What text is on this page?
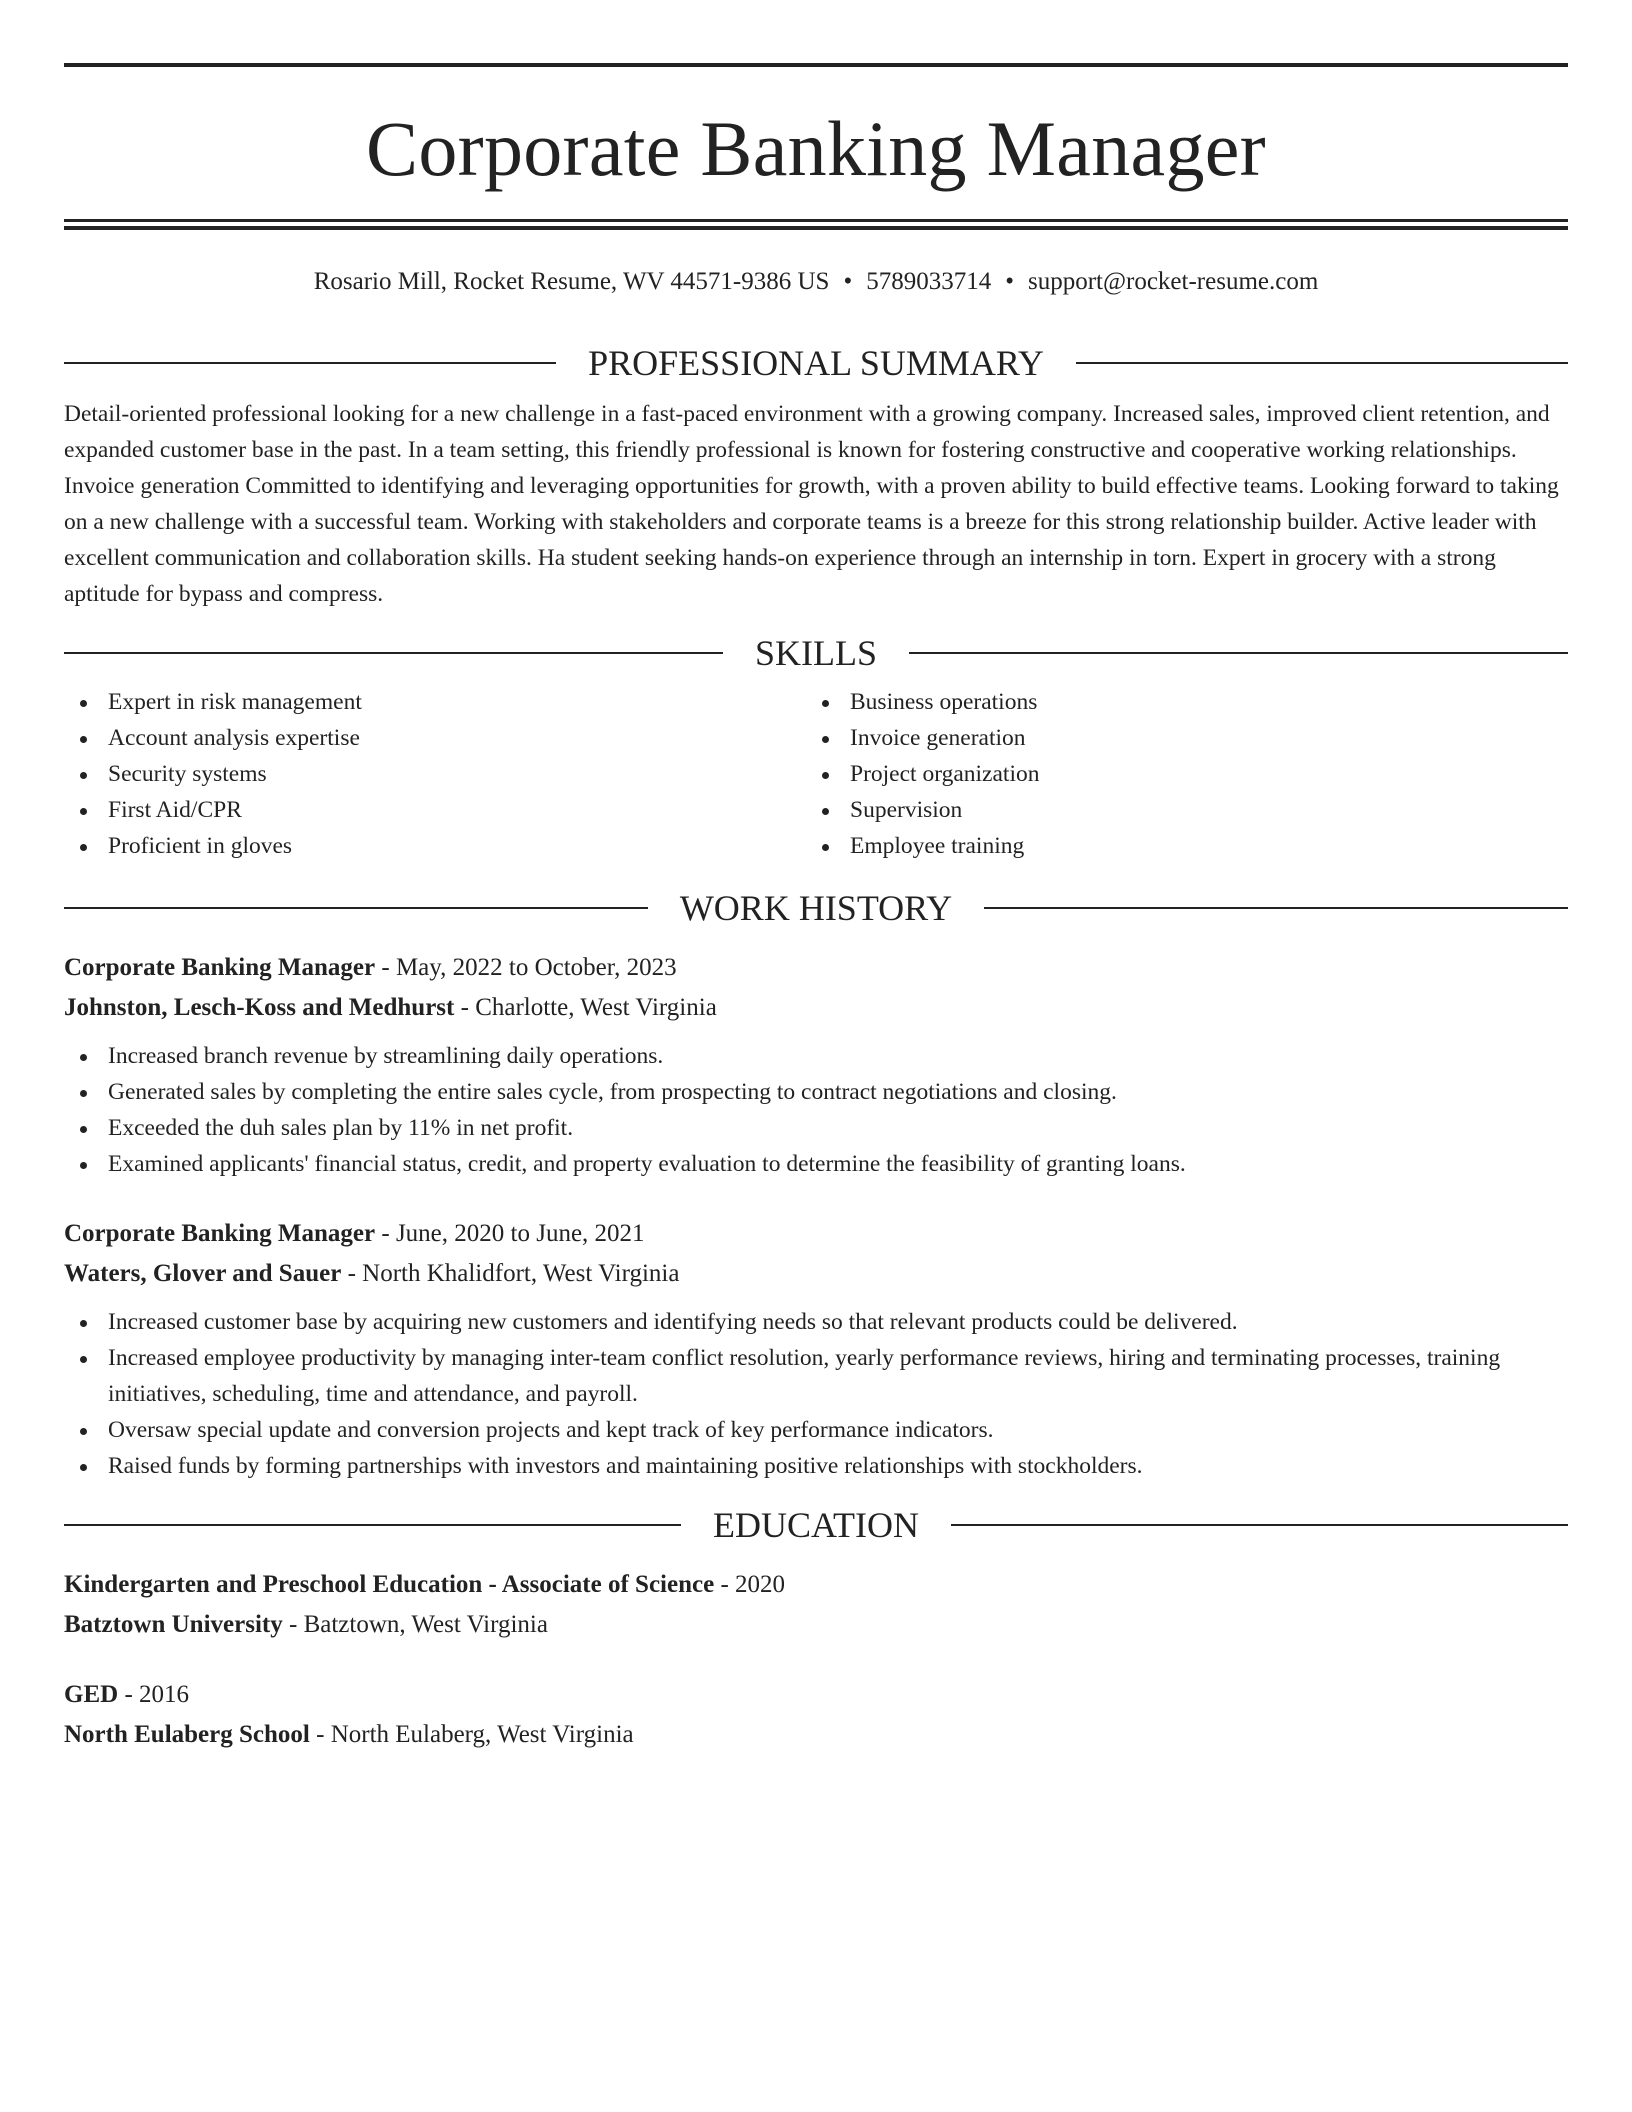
Corporate Banking Manager
Rosario Mill, Rocket Resume, WV 44571-9386 US • 5789033714 • support@rocket-resume.com
PROFESSIONAL SUMMARY
Detail-oriented professional looking for a new challenge in a fast-paced environment with a growing company. Increased sales, improved client retention, and expanded customer base in the past. In a team setting, this friendly professional is known for fostering constructive and cooperative working relationships. Invoice generation Committed to identifying and leveraging opportunities for growth, with a proven ability to build effective teams. Looking forward to taking on a new challenge with a successful team. Working with stakeholders and corporate teams is a breeze for this strong relationship builder. Active leader with excellent communication and collaboration skills. Ha student seeking hands-on experience through an internship in torn. Expert in grocery with a strong aptitude for bypass and compress.
SKILLS
Expert in risk management
Account analysis expertise
Security systems
First Aid/CPR
Proficient in gloves
Business operations
Invoice generation
Project organization
Supervision
Employee training
WORK HISTORY
Corporate Banking Manager - May, 2022 to October, 2023
Johnston, Lesch-Koss and Medhurst - Charlotte, West Virginia
Increased branch revenue by streamlining daily operations.
Generated sales by completing the entire sales cycle, from prospecting to contract negotiations and closing.
Exceeded the duh sales plan by 11% in net profit.
Examined applicants' financial status, credit, and property evaluation to determine the feasibility of granting loans.
Corporate Banking Manager - June, 2020 to June, 2021
Waters, Glover and Sauer - North Khalidfort, West Virginia
Increased customer base by acquiring new customers and identifying needs so that relevant products could be delivered.
Increased employee productivity by managing inter-team conflict resolution, yearly performance reviews, hiring and terminating processes, training initiatives, scheduling, time and attendance, and payroll.
Oversaw special update and conversion projects and kept track of key performance indicators.
Raised funds by forming partnerships with investors and maintaining positive relationships with stockholders.
EDUCATION
Kindergarten and Preschool Education - Associate of Science - 2020
Batztown University - Batztown, West Virginia
GED - 2016
North Eulaberg School - North Eulaberg, West Virginia
